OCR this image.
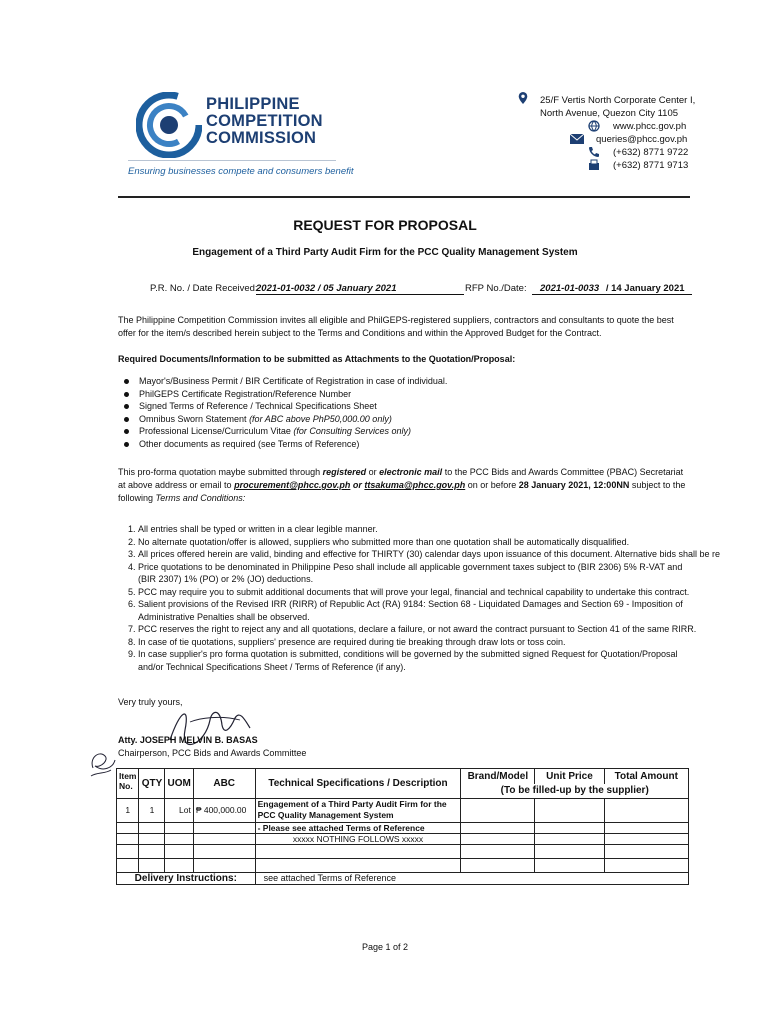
PHILIPPINE
COMPETITION
COMMISSION
Ensuring businesses compete and consumers benefit
25/F Vertis North Corporate Center I,
North Avenue, Quezon City 1105
www.phcc.gov.ph
queries@phcc.gov.ph
(+632) 8771 9722
(+632) 8771 9713
REQUEST FOR PROPOSAL
Engagement of a Third Party Audit Firm for the PCC Quality Management System
P.R. No. / Date Received:
2021-01-0032 / 05 January 2021	RFP No./Date:	2021-01-0033 / 14 January 2021
The Philippine Competition Commission invites all eligible and PhilGEPS-registered suppliers, contractors and consultants to quote the best offer for the item/s described herein subject to the Terms and Conditions and within the Approved Budget for the Contract.
Required Documents/Information to be submitted as Attachments to the Quotation/Proposal:
Mayor's/Business Permit / BIR Certificate of Registration in case of individual.
PhilGEPS Certificate Registration/Reference Number
Signed Terms of Reference / Technical Specifications Sheet
Omnibus Sworn Statement (for ABC above PhP50,000.00 only)
Professional License/Curriculum Vitae (for Consulting Services only)
Other documents as required (see Terms of Reference)
This pro-forma quotation maybe submitted through registered or electronic mail to the PCC Bids and Awards Committee (PBAC) Secretariat at above address or email to procurement@phcc.gov.ph or ttsakuma@phcc.gov.ph on or before 28 January 2021, 12:00NN subject to the following Terms and Conditions:
1. All entries shall be typed or written in a clear legible manner.
2. No alternate quotation/offer is allowed, suppliers who submitted more than one quotation shall be automatically disqualified.
3. All prices offered herein are valid, binding and effective for THIRTY (30) calendar days upon issuance of this document. Alternative bids shall be re
4. Price quotations to be denominated in Philippine Peso shall include all applicable government taxes subject to (BIR 2306) 5% R-VAT and (BIR 2307) 1% (PO) or 2% (JO) deductions.
5. PCC may require you to submit additional documents that will prove your legal, financial and technical capability to undertake this contract.
6. Salient provisions of the Revised IRR (RIRR) of Republic Act (RA) 9184: Section 68 - Liquidated Damages and Section 69 - Imposition of Administrative Penalties shall be observed.
7. PCC reserves the right to reject any and all quotations, declare a failure, or not award the contract pursuant to Section 41 of the same RIRR.
8. In case of tie quotations, suppliers' presence are required during tie breaking through draw lots or toss coin.
9. In case supplier's pro forma quotation is submitted, conditions will be governed by the submitted signed Request for Quotation/Proposal and/or Technical Specifications Sheet / Terms of Reference (if any).
Very truly yours,
Atty. JOSEPH MELVIN B. BASAS
Chairperson, PCC Bids and Awards Committee
Item No.	QTY	UOM	ABC	Technical Specifications / Description	Brand/Model	Unit Price	Total Amount
					(To be filled-up by the supplier)		
1	1	Lot	₱ 400,000.00	Engagement of a Third Party Audit Firm for the PCC Quality Management System			
				- Please see attached Terms of Reference			
				xxxxx NOTHING FOLLOWS xxxxx			

Delivery Instructions:				see attached Terms of Reference			
Page 1 of 2
